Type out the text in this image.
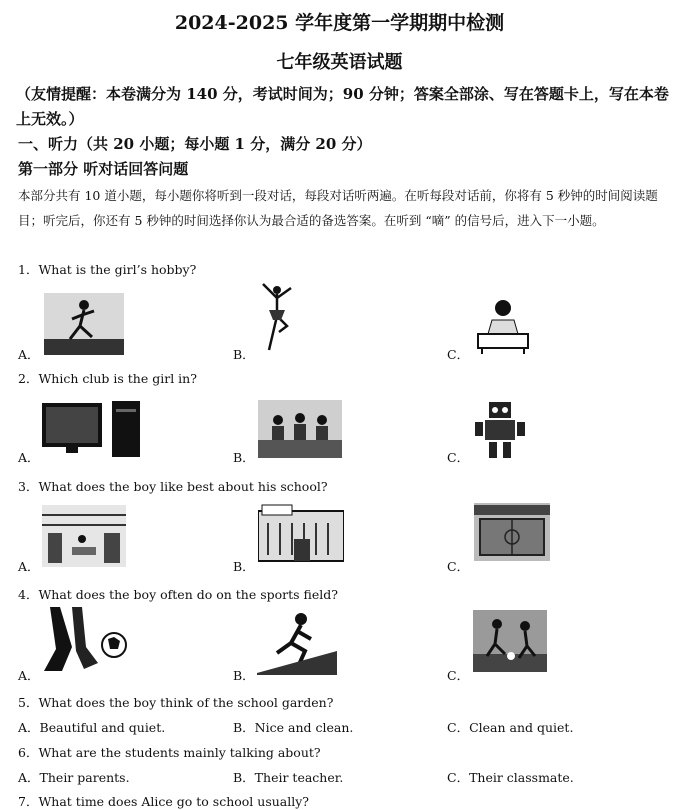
2024-2025 学年度第一学期期中检测
七年级英语试题
（友情提醒：本卷满分为 140 分，考试时间为；90 分钟；答案全部涂、写在答题卡上，写在本卷上无效。）
一、听力（共 20 小题；每小题 1 分，满分 20 分）
第一部分 听对话回答问题
本部分共有 10 道小题，每小题你将听到一段对话，每段对话听两遍。在听每段对话前，你将有 5 秒钟的时间阅读题目；听完后，你还有 5 秒钟的时间选择你认为最合适的备选答案。在听到 “嘀” 的信号后，进入下一小题。
1．What is the girl’s hobby?
A．	B．	C．
2．Which club is the girl in?
A．	B．	C．
3．What does the boy like best about his school?
A．	B．	C．
4．What does the boy often do on the sports field?
A．	B．	C．
5．What does the boy think of the school garden?
A．Beautiful and quiet.	B．Nice and clean.	C．Clean and quiet.
6．What are the students mainly talking about?
A．Their parents.	B．Their teacher.	C．Their classmate.
7．What time does Alice go to school usually?
